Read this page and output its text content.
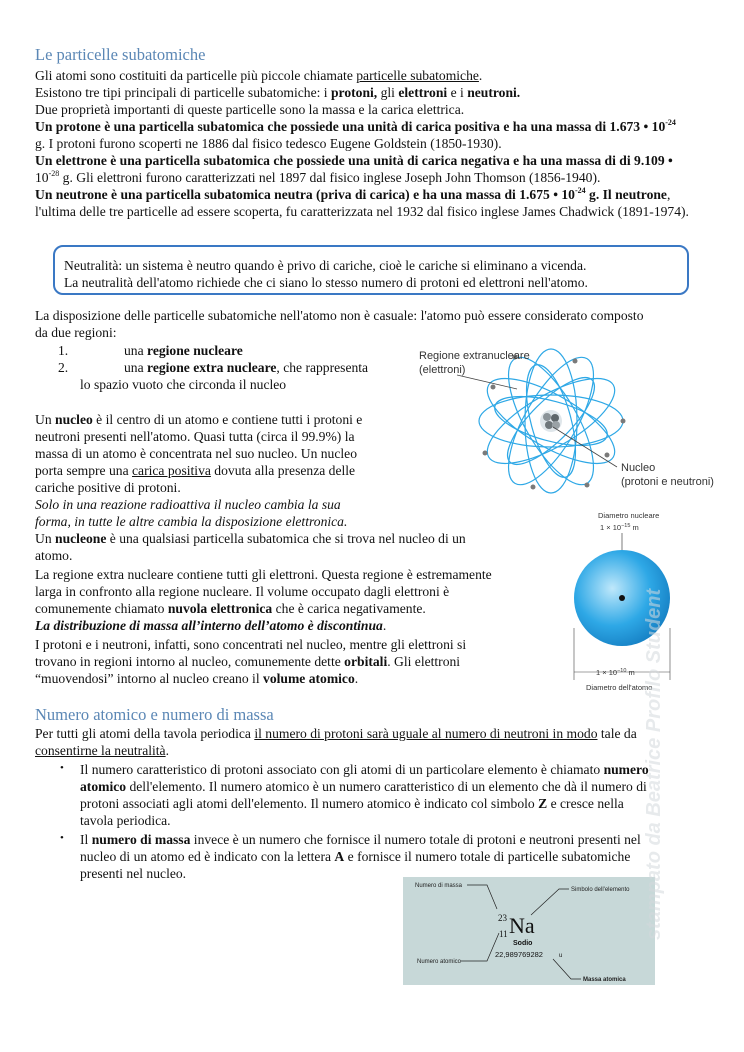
Le particelle subatomiche

Gli atomi sono costituiti da particelle più piccole chiamate particelle subatomiche.

Esistono tre tipi principali di particelle subatomiche: i protoni, gli elettroni e i neutroni.

Due proprietà importanti di queste particelle sono la massa e la carica elettrica.

Un protone è una particella subatomica che possiede una unità di carica positiva e ha una massa di 1.673 • $10^{-24}$
g. I protoni furono scoperti ne 1886 dal fisico tedesco Eugene Goldstein (1850-1930).

Un elettrone è una particella subatomica che possiede una unità di carica negativa e ha una massa di di 9.109 •
$10^{-28}$ g. Gli elettroni furono caratterizzati nel 1897 dal fisico inglese Joseph John Thomson (1856-1940).

Un neutrone è una particella subatomica neutra (priva di carica) e ha una massa di 1.675 • $10^{-24}$ g. Il neutrone, l'ultima delle tre particelle ad essere scoperta, fu caratterizzata nel 1932 dal fisico inglese James Chadwick (1891-1974).

Neutralità: un sistema è neutro quando è privo di cariche, cioè le cariche si eliminano a vicenda.
La neutralità dell'atomo richiede che ci siano lo stesso numero di protoni ed elettroni nell'atomo.

La disposizione delle particelle subatomiche nell'atomo non è casuale: l'atomo può essere considerato composto
da due regioni:

1.	una regione nucleare
2.	una regione extra nucleare, che rappresenta
lo spazio vuoto che circonda il nucleo
Un nucleo è il centro di un atomo e contiene tutti i protoni e
neutroni presenti nell'atomo. Quasi tutta (circa il 99.9%) la
massa di un atomo è concentrata nel suo nucleo. Un nucleo
porta sempre una carica positiva dovuta alla presenza delle
cariche positive di protoni.
Solo in una reazione radioattiva il nucleo cambia la sua
forma, in tutte le altre cambia la disposizione elettronica.
Un nucleone è una qualsiasi particella subatomica che si trova nel nucleo di un
atomo.
La regione extra nucleare contiene tutti gli elettroni. Questa regione è estremamente
larga in confronto alla regione nucleare. Il volume occupato dagli elettroni è
comunemente chiamato nuvola elettronica che è carica negativamente.
La distribuzione di massa all’interno dell’atomo è discontinua.
I protoni e i neutroni, infatti, sono concentrati nel nucleo, mentre gli elettroni si
trovano in regioni intorno al nucleo, comunemente dette orbitali. Gli elettroni
“muovendosi” intorno al nucleo creano il volume atomico.
Regione extranucleare
(elettroni)
Nucleo
(protoni e neutroni)
Diametro nucleare
$1 \times 10^{-15}$ m
$1 \times 10^{-10}$ m
Diametro dell'atomo
Numero atomico e numero di massa
Per tutti gli atomi della tavola periodica il numero di protoni sarà uguale al numero di neutroni in modo tale da
consentirne la neutralità.
• Il numero caratteristico di protoni associato con gli atomi di un particolare elemento è chiamato numero
atomico dell'elemento. Il numero atomico è un numero caratteristico di un elemento che dà il numero di
protoni associati agli atomi dell'elemento. Il numero atomico è indicato col simbolo Z e cresce nella
tavola periodica.
• Il numero di massa invece è un numero che fornisce il numero totale di protoni e neutroni presenti nel
nucleo di un atomo ed è indicato con la lettera A e fornisce il numero totale di particelle subatomiche
presenti nel nucleo.
Numero di massa
Simbolo dell'elemento
Numero atomico
Massa atomica
23 Na
11
Sodio
22,989769282	u
stampato da Beatrice Profilo Student
